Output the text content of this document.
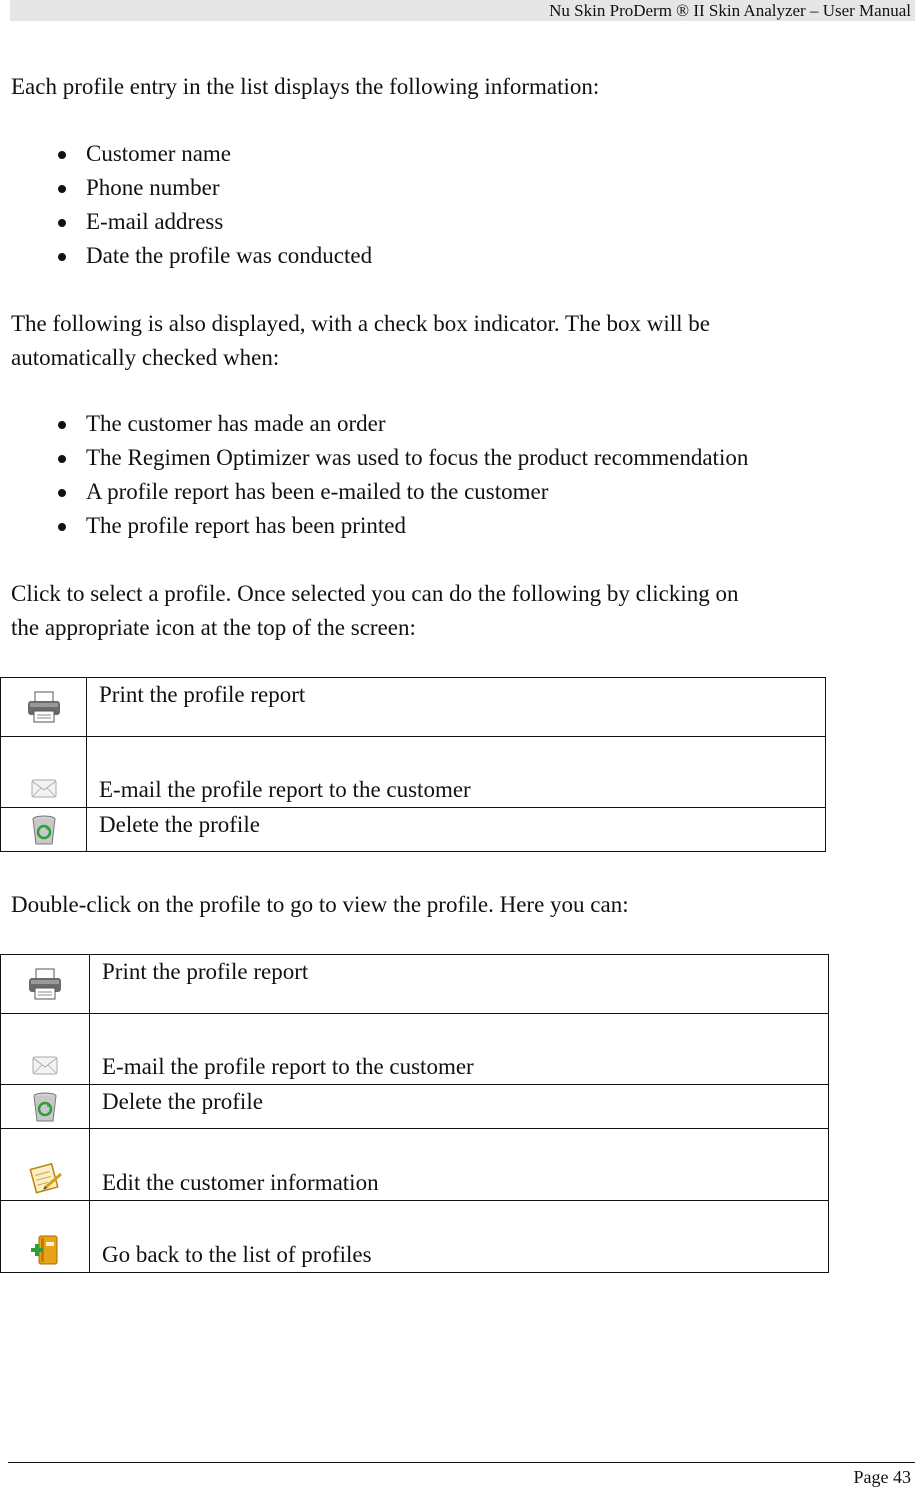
Nu Skin ProDerm ® II Skin Analyzer – User Manual

Each profile entry in the list displays the following information:

Customer name
Phone number
E-mail address
Date the profile was conducted

The following is also displayed, with a check box indicator. The box will be
automatically checked when:

The customer has made an order
The Regimen Optimizer was used to focus the product recommendation
A profile report has been e-mailed to the customer
The profile report has been printed

Click to select a profile. Once selected you can do the following by clicking on
the appropriate icon at the top of the screen:

	Print the profile report

	E-mail the profile report to the customer

	Delete the profile

Double-click on the profile to go to view the profile. Here you can:

	Print the profile report

	E-mail the profile report to the customer

	Delete the profile

	Edit the customer information

	Go back to the list of profiles
Page 43
